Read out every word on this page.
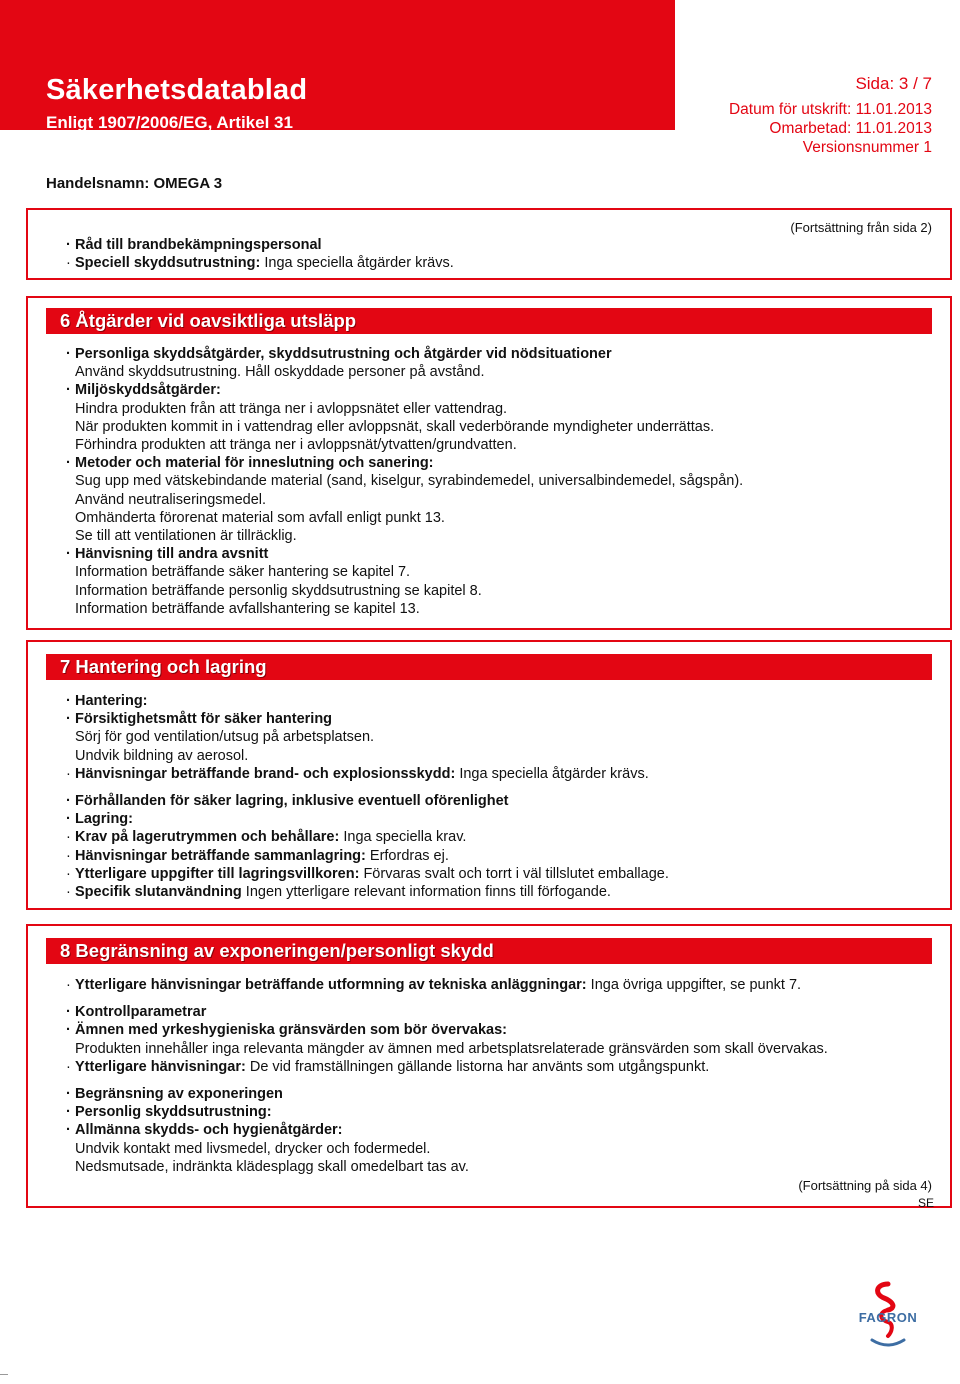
Säkerhetsdatablad
Enligt 1907/2006/EG, Artikel 31
Sida: 3 / 7
Datum för utskrift: 11.01.2013
Omarbetad: 11.01.2013
Versionsnummer 1
Handelsnamn: OMEGA 3
(Fortsättning från sida 2)

· Råd till brandbekämpningspersonal

· Speciell skyddsutrustning: Inga speciella åtgärder krävs.

6 Åtgärder vid oavsiktliga utsläpp

· Personliga skyddsåtgärder, skyddsutrustning och åtgärder vid nödsituationer

Använd skyddsutrustning. Håll oskyddade personer på avstånd.

· Miljöskyddsåtgärder:

Hindra produkten från att tränga ner i avloppsnätet eller vattendrag.

När produkten kommit in i vattendrag eller avloppsnät, skall vederbörande myndigheter underrättas.

Förhindra produkten att tränga ner i avloppsnät/ytvatten/grundvatten.

· Metoder och material för inneslutning och sanering:

Sug upp med vätskebindande material (sand, kiselgur, syrabindemedel, universalbindemedel, sågspån).

Använd neutraliseringsmedel.

Omhänderta förorenat material som avfall enligt punkt 13.

Se till att ventilationen är tillräcklig.

· Hänvisning till andra avsnitt

Information beträffande säker hantering se kapitel 7.

Information beträffande personlig skyddsutrustning se kapitel 8.

Information beträffande avfallshantering se kapitel 13.

7 Hantering och lagring

· Hantering:

· Försiktighetsmått för säker hantering

Sörj för god ventilation/utsug på arbetsplatsen.

Undvik bildning av aerosol.

· Hänvisningar beträffande brand- och explosionsskydd: Inga speciella åtgärder krävs.

· Förhållanden för säker lagring, inklusive eventuell oförenlighet

· Lagring:

· Krav på lagerutrymmen och behållare: Inga speciella krav.

· Hänvisningar beträffande sammanlagring: Erfordras ej.

· Ytterligare uppgifter till lagringsvillkoren: Förvaras svalt och torrt i väl tillslutet emballage.

· Specifik slutanvändning Ingen ytterligare relevant information finns till förfogande.

8 Begränsning av exponeringen/personligt skydd

· Ytterligare hänvisningar beträffande utformning av tekniska anläggningar: Inga övriga uppgifter, se punkt 7.

· Kontrollparametrar

· Ämnen med yrkeshygieniska gränsvärden som bör övervakas:

Produkten innehåller inga relevanta mängder av ämnen med arbetsplatsrelaterade gränsvärden som skall övervakas.

· Ytterligare hänvisningar: De vid framställningen gällande listorna har använts som utgångspunkt.

· Begränsning av exponeringen

· Personlig skyddsutrustning:

· Allmänna skydds- och hygienåtgärder:

Undvik kontakt med livsmedel, drycker och fodermedel.

Nedsmutsade, indränkta klädesplagg skall omedelbart tas av.

(Fortsättning på sida 4)
SE
FAGRON
